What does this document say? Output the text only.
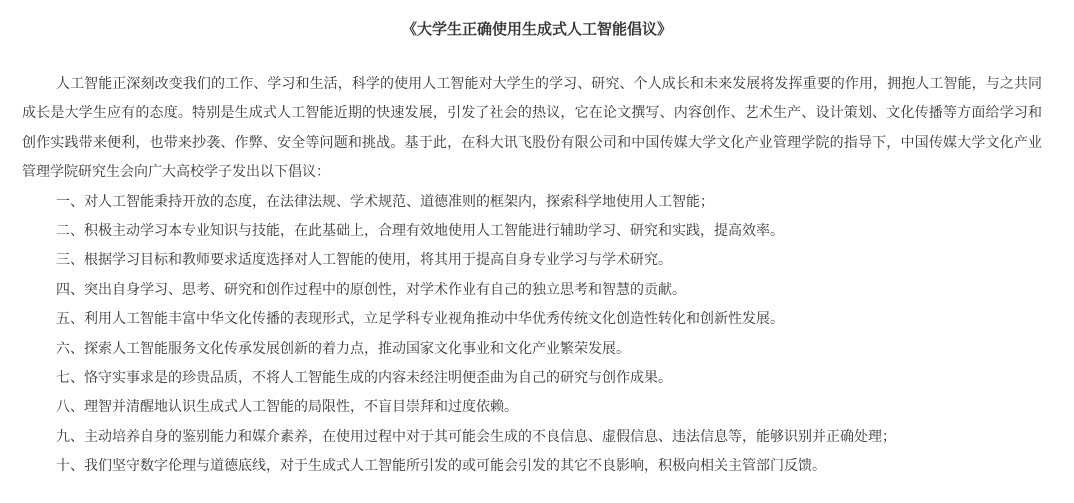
《大学生正确使用生成式人工智能倡议》

人工智能正深刻改变我们的工作、学习和生活，科学的使用人工智能对大学生的学习、研究、个人成长和未来发展将发挥重要的作用，拥抱人工智能，与之共同成长是大学生应有的态度。特别是生成式人工智能近期的快速发展，引发了社会的热议，它在论文撰写、内容创作、艺术生产、设计策划、文化传播等方面给学习和创作实践带来便利，也带来抄袭、作弊、安全等问题和挑战。基于此，在科大讯飞股份有限公司和中国传媒大学文化产业管理学院的指导下，中国传媒大学文化产业管理学院研究生会向广大高校学子发出以下倡议：

一、对人工智能秉持开放的态度，在法律法规、学术规范、道德准则的框架内，探索科学地使用人工智能；
二、积极主动学习本专业知识与技能，在此基础上，合理有效地使用人工智能进行辅助学习、研究和实践，提高效率。
三、根据学习目标和教师要求适度选择对人工智能的使用，将其用于提高自身专业学习与学术研究。
四、突出自身学习、思考、研究和创作过程中的原创性，对学术作业有自己的独立思考和智慧的贡献。
五、利用人工智能丰富中华文化传播的表现形式，立足学科专业视角推动中华优秀传统文化创造性转化和创新性发展。
六、探索人工智能服务文化传承发展创新的着力点，推动国家文化事业和文化产业繁荣发展。
七、恪守实事求是的珍贵品质，不将人工智能生成的内容未经注明便歪曲为自己的研究与创作成果。
八、理智并清醒地认识生成式人工智能的局限性，不盲目崇拜和过度依赖。
九、主动培养自身的鉴别能力和媒介素养，在使用过程中对于其可能会生成的不良信息、虚假信息、违法信息等，能够识别并正确处理；
十、我们坚守数字伦理与道德底线，对于生成式人工智能所引发的或可能会引发的其它不良影响，积极向相关主管部门反馈。
